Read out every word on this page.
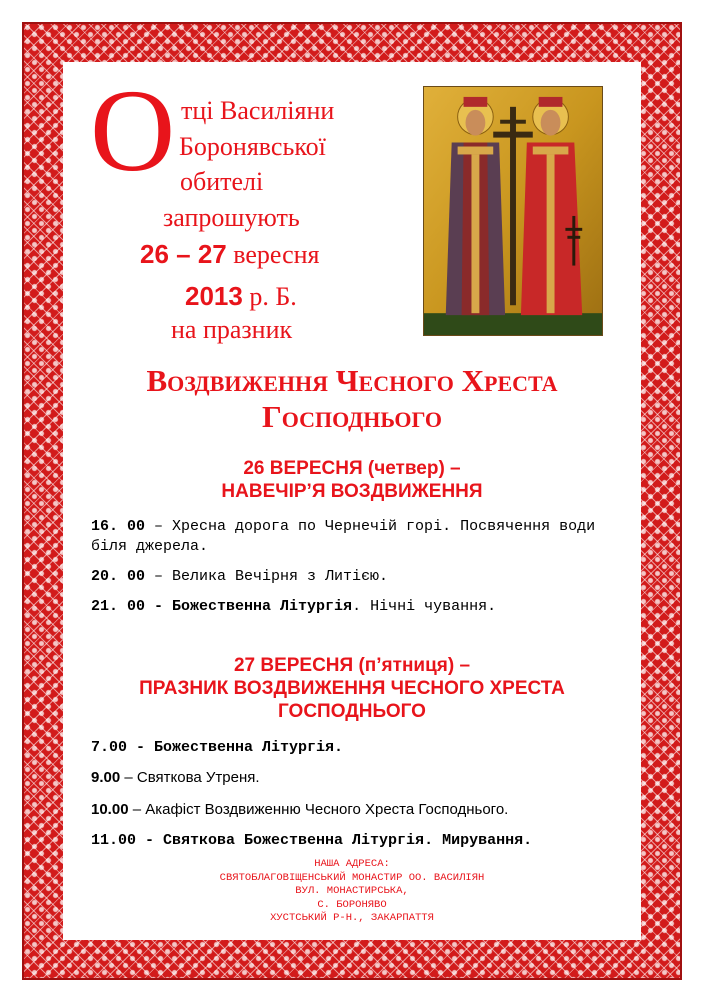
О тці Василіяни
Боронявської
обителі
запрошують
26 – 27 вересня
2013 р. Б.
на празник
Воздвиження Чесного Хреста
Господнього
26 ВЕРЕСНЯ (четвер) –
НАВЕЧІР’Я ВОЗДВИЖЕННЯ
16. 00 – Хресна дорога по Чернечій горі. Посвячення води біля джерела.
20. 00 – Велика Вечірня з Литією.
21. 00 - Божественна Літургія. Нічні чування.
27 ВЕРЕСНЯ (п’ятниця) –
ПРАЗНИК ВОЗДВИЖЕННЯ ЧЕСНОГО ХРЕСТА
ГОСПОДНЬОГО
7.00 - Божественна Літургія.
9.00 – Святкова Утреня.
10.00 – Акафіст Воздвиженню Чесного Хреста Господнього.
11.00 - Святкова Божественна Літургія. Мирування.
НАША АДРЕСА:
СВЯТОБЛАГОВІЩЕНСЬКИЙ МОНАСТИР ОО. ВАСИЛІЯН
ВУЛ. МОНАСТИРСЬКА,
С. БОРОНЯВО
ХУСТСЬКИЙ Р-Н., ЗАКАРПАТТЯ
